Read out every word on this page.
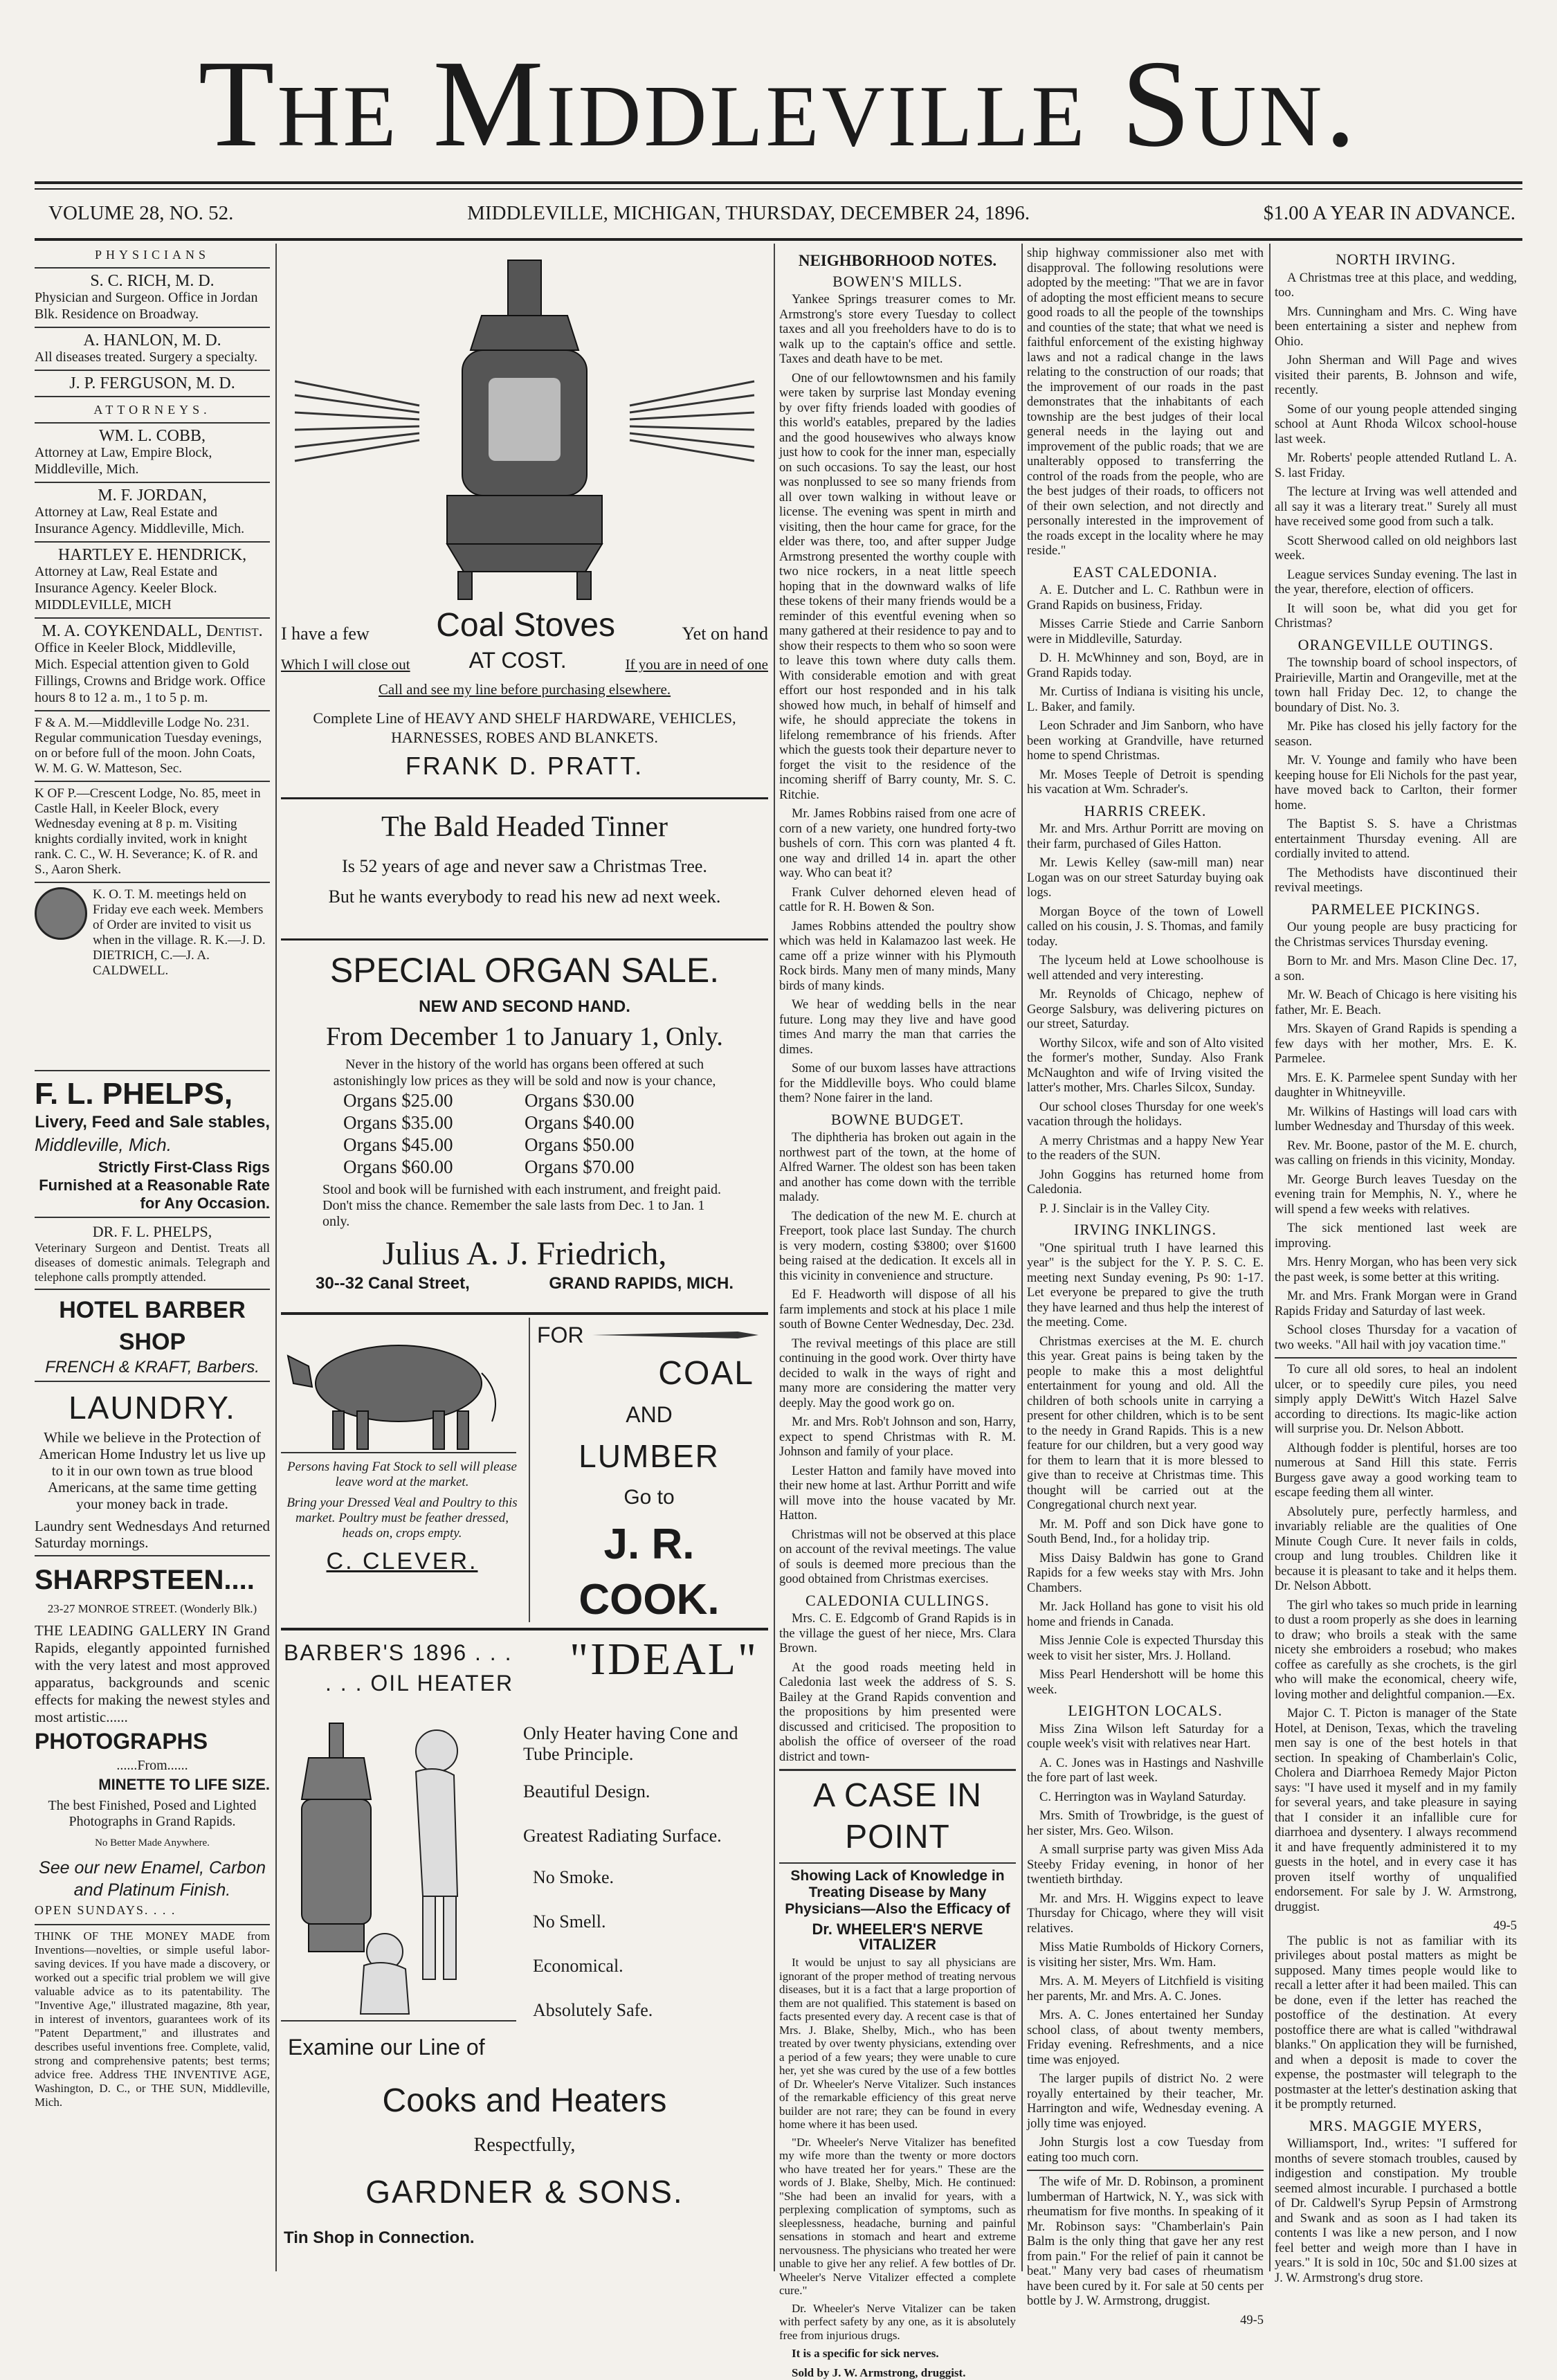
The Middleville Sun.
VOLUME 28, NO. 52.	MIDDLEVILLE, MICHIGAN, THURSDAY, DECEMBER 24, 1896.	$1.00 A YEAR IN ADVANCE.
PHYSICIANS
S. C. RICH, M. D.
Physician and Surgeon. Office in Jordan Blk. Residence on Broadway.
A. HANLON, M. D.
All diseases treated. Surgery a specialty.
J. P. FERGUSON, M. D.
ATTORNEYS.
WM. L. COBB,
Attorney at Law, Empire Block, Middleville, Mich.
M. F. JORDAN,
Attorney at Law, Real Estate and Insurance Agency. Middleville, Mich.
HARTLEY E. HENDRICK,
Attorney at Law, Real Estate and Insurance Agency. Keeler Block. MIDDLEVILLE, MICH
M. A. COYKENDALL, Dentist.
Office in Keeler Block, Middleville, Mich. Especial attention given to Gold Fillings, Crowns and Bridge work. Office hours 8 to 12 a. m., 1 to 5 p. m.
F & A. M.—Middleville Lodge No. 231. Regular communication Tuesday evenings, on or before full of the moon. John Coats, W. M. G. W. Matteson, Sec.
K OF P.—Crescent Lodge, No. 85, meet in Castle Hall, in Keeler Block, every Wednesday evening at 8 p. m. Visiting knights cordially invited, work in knight rank. C. C., W. H. Severance; K. of R. and S., Aaron Sherk.
K. O. T. M. meetings held on Friday eve each week. Members of Order are invited to visit us when in the village. R. K.—J. D. DIETRICH, C.—J. A. CALDWELL.
F. L. PHELPS,
Livery, Feed and Sale stables,
Middleville, Mich.
Strictly First-Class Rigs Furnished at a Reasonable Rate for Any Occasion.
DR. F. L. PHELPS,
Veterinary Surgeon and Dentist. Treats all diseases of domestic animals. Telegraph and telephone calls promptly attended.
HOTEL BARBER SHOP
FRENCH & KRAFT, Barbers.
LAUNDRY.
While we believe in the Protection of American Home Industry let us live up to it in our own town as true blood Americans, at the same time getting your money back in trade.
Laundry sent Wednesdays And returned Saturday mornings.
SHARPSTEEN....
23-27 MONROE STREET. (Wonderly Blk.)
THE LEADING GALLERY IN Grand Rapids, elegantly appointed furnished with the very latest and most approved apparatus, backgrounds and scenic effects for making the newest styles and most artistic......
PHOTOGRAPHS
......From......
MINETTE TO LIFE SIZE.
The best Finished, Posed and Lighted Photographs in Grand Rapids.
No Better Made Anywhere.
See our new Enamel, Carbon and Platinum Finish.
OPEN SUNDAYS. . . .
THINK OF THE MONEY MADE from Inventions—novelties, or simple useful labor-saving devices. If you have made a discovery, or worked out a specific trial problem we will give valuable advice as to its patentability. The "Inventive Age," illustrated magazine, 8th year, in interest of inventors, guarantees work of its "Patent Department," and illustrates and describes useful inventions free. Complete, valid, strong and comprehensive patents; best terms; advice free. Address THE INVENTIVE AGE, Washington, D. C., or THE SUN, Middleville, Mich.
I have a few Coal Stoves	Yet on hand
Which I will close out	AT COST.	If you are in need of one
Call and see my line before purchasing elsewhere.
Complete Line of HEAVY AND SHELF HARDWARE, VEHICLES, HARNESSES, ROBES AND BLANKETS.
FRANK D. PRATT.
The Bald Headed Tinner
Is 52 years of age and never saw a Christmas Tree.
But he wants everybody to read his new ad next week.
SPECIAL ORGAN SALE.
NEW AND SECOND HAND.
From December 1 to January 1, Only.
Never in the history of the world has organs been offered at such astonishingly low prices as they will be sold and now is your chance,
Organs $25.00	Organs $30.00
Organs $35.00	Organs $40.00
Organs $45.00	Organs $50.00
Organs $60.00	Organs $70.00
Stool and book will be furnished with each instrument, and freight paid. Don't miss the chance. Remember the sale lasts from Dec. 1 to Jan. 1 only.
Julius A. J. Friedrich,
30--32 Canal Street,	GRAND RAPIDS, MICH.
Persons having Fat Stock to sell will please leave word at the market.
Bring your Dressed Veal and Poultry to this market. Poultry must be feather dressed, heads on, crops empty.
C. CLEVER.
FOR
COAL
AND
LUMBER
Go to
J. R. COOK.
BARBER'S 1896 . . .
. . . OIL HEATER "IDEAL"
Only Heater having Cone and Tube Principle.
Beautiful Design.
Greatest Radiating Surface.
No Smoke.
No Smell.
Economical.
Absolutely Safe.
Examine our Line of
Cooks and Heaters
Respectfully,
GARDNER & SONS.
Tin Shop in Connection.
NEIGHBORHOOD NOTES.
BOWEN'S MILLS.

Yankee Springs treasurer comes to Mr. Armstrong's store every Tuesday to collect taxes and all you freeholders have to do is to walk up to the captain's office and settle. Taxes and death have to be met.

One of our fellowtownsmen and his family were taken by surprise last Monday evening by over fifty friends loaded with goodies of this world's eatables, prepared by the ladies and the good housewives who always know just how to cook for the inner man, especially on such occasions. To say the least, our host was nonplussed to see so many friends from all over town walking in without leave or license. The evening was spent in mirth and visiting, then the hour came for grace, for the elder was there, too, and after supper Judge Armstrong presented the worthy couple with two nice rockers, in a neat little speech hoping that in the downward walks of life these tokens of their many friends would be a reminder of this eventful evening when so many gathered at their residence to pay and to show their respects to them who so soon were to leave this town where duty calls them. With considerable emotion and with great effort our host responded and in his talk showed how much, in behalf of himself and wife, he should appreciate the tokens in lifelong remembrance of his friends. After which the guests took their departure never to forget the visit to the residence of the incoming sheriff of Barry county, Mr. S. C. Ritchie.

Mr. James Robbins raised from one acre of corn of a new variety, one hundred forty-two bushels of corn. This corn was planted 4 ft. one way and drilled 14 in. apart the other way. Who can beat it?

Frank Culver dehorned eleven head of cattle for R. H. Bowen & Son.

James Robbins attended the poultry show which was held in Kalamazoo last week. He came off a prize winner with his Plymouth Rock birds. Many men of many minds, Many birds of many kinds.

We hear of wedding bells in the near future. Long may they live and have good times And marry the man that carries the dimes.

Some of our buxom lasses have attractions for the Middleville boys. Who could blame them? None fairer in the land.

BOWNE BUDGET.

The diphtheria has broken out again in the northwest part of the town, at the home of Alfred Warner. The oldest son has been taken and another has come down with the terrible malady.

The dedication of the new M. E. church at Freeport, took place last Sunday. The church is very modern, costing $3800; over $1600 being raised at the dedication. It excels all in this vicinity in convenience and structure.

Ed F. Headworth will dispose of all his farm implements and stock at his place 1 mile south of Bowne Center Wednesday, Dec. 23d.

The revival meetings of this place are still continuing in the good work. Over thirty have decided to walk in the ways of right and many more are considering the matter very deeply. May the good work go on.

Mr. and Mrs. Rob't Johnson and son, Harry, expect to spend Christmas with R. M. Johnson and family of your place.

Lester Hatton and family have moved into their new home at last. Arthur Porritt and wife will move into the house vacated by Mr. Hatton.

Christmas will not be observed at this place on account of the revival meetings. The value of souls is deemed more precious than the good obtained from Christmas exercises.

CALEDONIA CULLINGS.

Mrs. C. E. Edgcomb of Grand Rapids is in the village the guest of her niece, Mrs. Clara Brown.

At the good roads meeting held in Caledonia last week the address of S. S. Bailey at the Grand Rapids convention and the propositions by him presented were discussed and criticised. The proposition to abolish the office of overseer of the road district and town-

A CASE IN POINT
Showing Lack of Knowledge in Treating Disease by Many Physicians—Also the Efficacy of
Dr. WHEELER'S NERVE VITALIZER

It would be unjust to say all physicians are ignorant of the proper method of treating nervous diseases, but it is a fact that a large proportion of them are not qualified. This statement is based on facts presented every day. A recent case is that of Mrs. J. Blake, Shelby, Mich., who has been treated by over twenty physicians, extending over a period of a few years; they were unable to cure her, yet she was cured by the use of a few bottles of Dr. Wheeler's Nerve Vitalizer. Such instances of the remarkable efficiency of this great nerve builder are not rare; they can be found in every home where it has been used.

"Dr. Wheeler's Nerve Vitalizer has benefited my wife more than the twenty or more doctors who have treated her for years." These are the words of J. Blake, Shelby, Mich. He continued: "She had been an invalid for years, with a perplexing complication of symptoms, such as sleeplessness, headache, burning and painful sensations in stomach and heart and extreme nervousness. The physicians who treated her were unable to give her any relief. A few bottles of Dr. Wheeler's Nerve Vitalizer effected a complete cure."

Dr. Wheeler's Nerve Vitalizer can be taken with perfect safety by any one, as it is absolutely free from injurious drugs.

It is a specific for sick nerves.

Sold by J. W. Armstrong, druggist.

ship highway commissioner also met with disapproval. The following resolutions were adopted by the meeting: "That we are in favor of adopting the most efficient means to secure good roads to all the people of the townships and counties of the state; that what we need is faithful enforcement of the existing highway laws and not a radical change in the laws relating to the construction of our roads; that the improvement of our roads in the past demonstrates that the inhabitants of each township are the best judges of their local general needs in the laying out and improvement of the public roads; that we are unalterably opposed to transferring the control of the roads from the people, who are the best judges of their roads, to officers not of their own selection, and not directly and personally interested in the improvement of the roads except in the locality where he may reside."

EAST CALEDONIA.

A. E. Dutcher and L. C. Rathbun were in Grand Rapids on business, Friday.

Misses Carrie Stiede and Carrie Sanborn were in Middleville, Saturday.

D. H. McWhinney and son, Boyd, are in Grand Rapids today.

Mr. Curtiss of Indiana is visiting his uncle, L. Baker, and family.

Leon Schrader and Jim Sanborn, who have been working at Grandville, have returned home to spend Christmas.

Mr. Moses Teeple of Detroit is spending his vacation at Wm. Schrader's.

HARRIS CREEK.

Mr. and Mrs. Arthur Porritt are moving on their farm, purchased of Giles Hatton.

Mr. Lewis Kelley (saw-mill man) near Logan was on our street Saturday buying oak logs.

Morgan Boyce of the town of Lowell called on his cousin, J. S. Thomas, and family today.

The lyceum held at Lowe schoolhouse is well attended and very interesting.

Mr. Reynolds of Chicago, nephew of George Salsbury, was delivering pictures on our street, Saturday.

Worthy Silcox, wife and son of Alto visited the former's mother, Sunday. Also Frank McNaughton and wife of Irving visited the latter's mother, Mrs. Charles Silcox, Sunday.

Our school closes Thursday for one week's vacation through the holidays.

A merry Christmas and a happy New Year to the readers of the SUN.

John Goggins has returned home from Caledonia.

P. J. Sinclair is in the Valley City.

IRVING INKLINGS.

"One spiritual truth I have learned this year" is the subject for the Y. P. S. C. E. meeting next Sunday evening, Ps 90: 1-17. Let everyone be prepared to give the truth they have learned and thus help the interest of the meeting. Come.

Christmas exercises at the M. E. church this year. Great pains is being taken by the people to make this a most delightful entertainment for young and old. All the children of both schools unite in carrying a present for other children, which is to be sent to the needy in Grand Rapids. This is a new feature for our children, but a very good way for them to learn that it is more blessed to give than to receive at Christmas time. This thought will be carried out at the Congregational church next year.

Mr. M. Poff and son Dick have gone to South Bend, Ind., for a holiday trip.

Miss Daisy Baldwin has gone to Grand Rapids for a few weeks stay with Mrs. John Chambers.

Mr. Jack Holland has gone to visit his old home and friends in Canada.

Miss Jennie Cole is expected Thursday this week to visit her sister, Mrs. J. Holland.

Miss Pearl Hendershott will be home this week.

LEIGHTON LOCALS.

Miss Zina Wilson left Saturday for a couple week's visit with relatives near Hart.

A. C. Jones was in Hastings and Nashville the fore part of last week.

C. Herrington was in Wayland Saturday.

Mrs. Smith of Trowbridge, is the guest of her sister, Mrs. Geo. Wilson.

A small surprise party was given Miss Ada Steeby Friday evening, in honor of her twentieth birthday.

Mr. and Mrs. H. Wiggins expect to leave Thursday for Chicago, where they will visit relatives.

Miss Matie Rumbolds of Hickory Corners, is visiting her sister, Mrs. Wm. Ham.

Mrs. A. M. Meyers of Litchfield is visiting her parents, Mr. and Mrs. A. C. Jones.

Mrs. A. C. Jones entertained her Sunday school class, of about twenty members, Friday evening. Refreshments, and a nice time was enjoyed.

The larger pupils of district No. 2 were royally entertained by their teacher, Mr. Harrington and wife, Wednesday evening. A jolly time was enjoyed.

John Sturgis lost a cow Tuesday from eating too much corn.

The wife of Mr. D. Robinson, a prominent lumberman of Hartwick, N. Y., was sick with rheumatism for five months. In speaking of it Mr. Robinson says: "Chamberlain's Pain Balm is the only thing that gave her any rest from pain." For the relief of pain it cannot be beat." Many very bad cases of rheumatism have been cured by it. For sale at 50 cents per bottle by J. W. Armstrong, druggist.

49-5
NORTH IRVING.

A Christmas tree at this place, and wedding, too.

Mrs. Cunningham and Mrs. C. Wing have been entertaining a sister and nephew from Ohio.

John Sherman and Will Page and wives visited their parents, B. Johnson and wife, recently.

Some of our young people attended singing school at Aunt Rhoda Wilcox school-house last week.

Mr. Roberts' people attended Rutland L. A. S. last Friday.

The lecture at Irving was well attended and all say it was a literary treat." Surely all must have received some good from such a talk.

Scott Sherwood called on old neighbors last week.

League services Sunday evening. The last in the year, therefore, election of officers.

It will soon be, what did you get for Christmas?

ORANGEVILLE OUTINGS.

The township board of school inspectors, of Prairieville, Martin and Orangeville, met at the town hall Friday Dec. 12, to change the boundary of Dist. No. 3.

Mr. Pike has closed his jelly factory for the season.

Mr. V. Younge and family who have been keeping house for Eli Nichols for the past year, have moved back to Carlton, their former home.

The Baptist S. S. have a Christmas entertainment Thursday evening. All are cordially invited to attend.

The Methodists have discontinued their revival meetings.

PARMELEE PICKINGS.

Our young people are busy practicing for the Christmas services Thursday evening.

Born to Mr. and Mrs. Mason Cline Dec. 17, a son.

Mr. W. Beach of Chicago is here visiting his father, Mr. E. Beach.

Mrs. Skayen of Grand Rapids is spending a few days with her mother, Mrs. E. K. Parmelee.

Mrs. E. K. Parmelee spent Sunday with her daughter in Whitneyville.

Mr. Wilkins of Hastings will load cars with lumber Wednesday and Thursday of this week.

Rev. Mr. Boone, pastor of the M. E. church, was calling on friends in this vicinity, Monday.

Mr. George Burch leaves Tuesday on the evening train for Memphis, N. Y., where he will spend a few weeks with relatives.

The sick mentioned last week are improving.

Mrs. Henry Morgan, who has been very sick the past week, is some better at this writing.

Mr. and Mrs. Frank Morgan were in Grand Rapids Friday and Saturday of last week.

School closes Thursday for a vacation of two weeks. "All hail with joy vacation time."

To cure all old sores, to heal an indolent ulcer, or to speedily cure piles, you need simply apply DeWitt's Witch Hazel Salve according to directions. Its magic-like action will surprise you. Dr. Nelson Abbott.

Although fodder is plentiful, horses are too numerous at Sand Hill this state. Ferris Burgess gave away a good working team to escape feeding them all winter.

Absolutely pure, perfectly harmless, and invariably reliable are the qualities of One Minute Cough Cure. It never fails in colds, croup and lung troubles. Children like it because it is pleasant to take and it helps them. Dr. Nelson Abbott.

The girl who takes so much pride in learning to dust a room properly as she does in learning to draw; who broils a steak with the same nicety she embroiders a rosebud; who makes coffee as carefully as she crochets, is the girl who will make the economical, cheery wife, loving mother and delightful companion.—Ex.

Major C. T. Picton is manager of the State Hotel, at Denison, Texas, which the traveling men say is one of the best hotels in that section. In speaking of Chamberlain's Colic, Cholera and Diarrhoea Remedy Major Picton says: "I have used it myself and in my family for several years, and take pleasure in saying that I consider it an infallible cure for diarrhoea and dysentery. I always recommend it and have frequently administered it to my guests in the hotel, and in every case it has proven itself worthy of unqualified endorsement. For sale by J. W. Armstrong, druggist.

49-5

The public is not as familiar with its privileges about postal matters as might be supposed. Many times people would like to recall a letter after it had been mailed. This can be done, even if the letter has reached the postoffice of the destination. At every postoffice there are what is called "withdrawal blanks." On application they will be furnished, and when a deposit is made to cover the expense, the postmaster will telegraph to the postmaster at the letter's destination asking that it be promptly returned.

MRS. MAGGIE MYERS,

Williamsport, Ind., writes: "I suffered for months of severe stomach troubles, caused by indigestion and constipation. My trouble seemed almost incurable. I purchased a bottle of Dr. Caldwell's Syrup Pepsin of Armstrong and Swank and as soon as I had taken its contents I was like a new person, and I now feel better and weigh more than I have in years." It is sold in 10c, 50c and $1.00 sizes at J. W. Armstrong's drug store.
